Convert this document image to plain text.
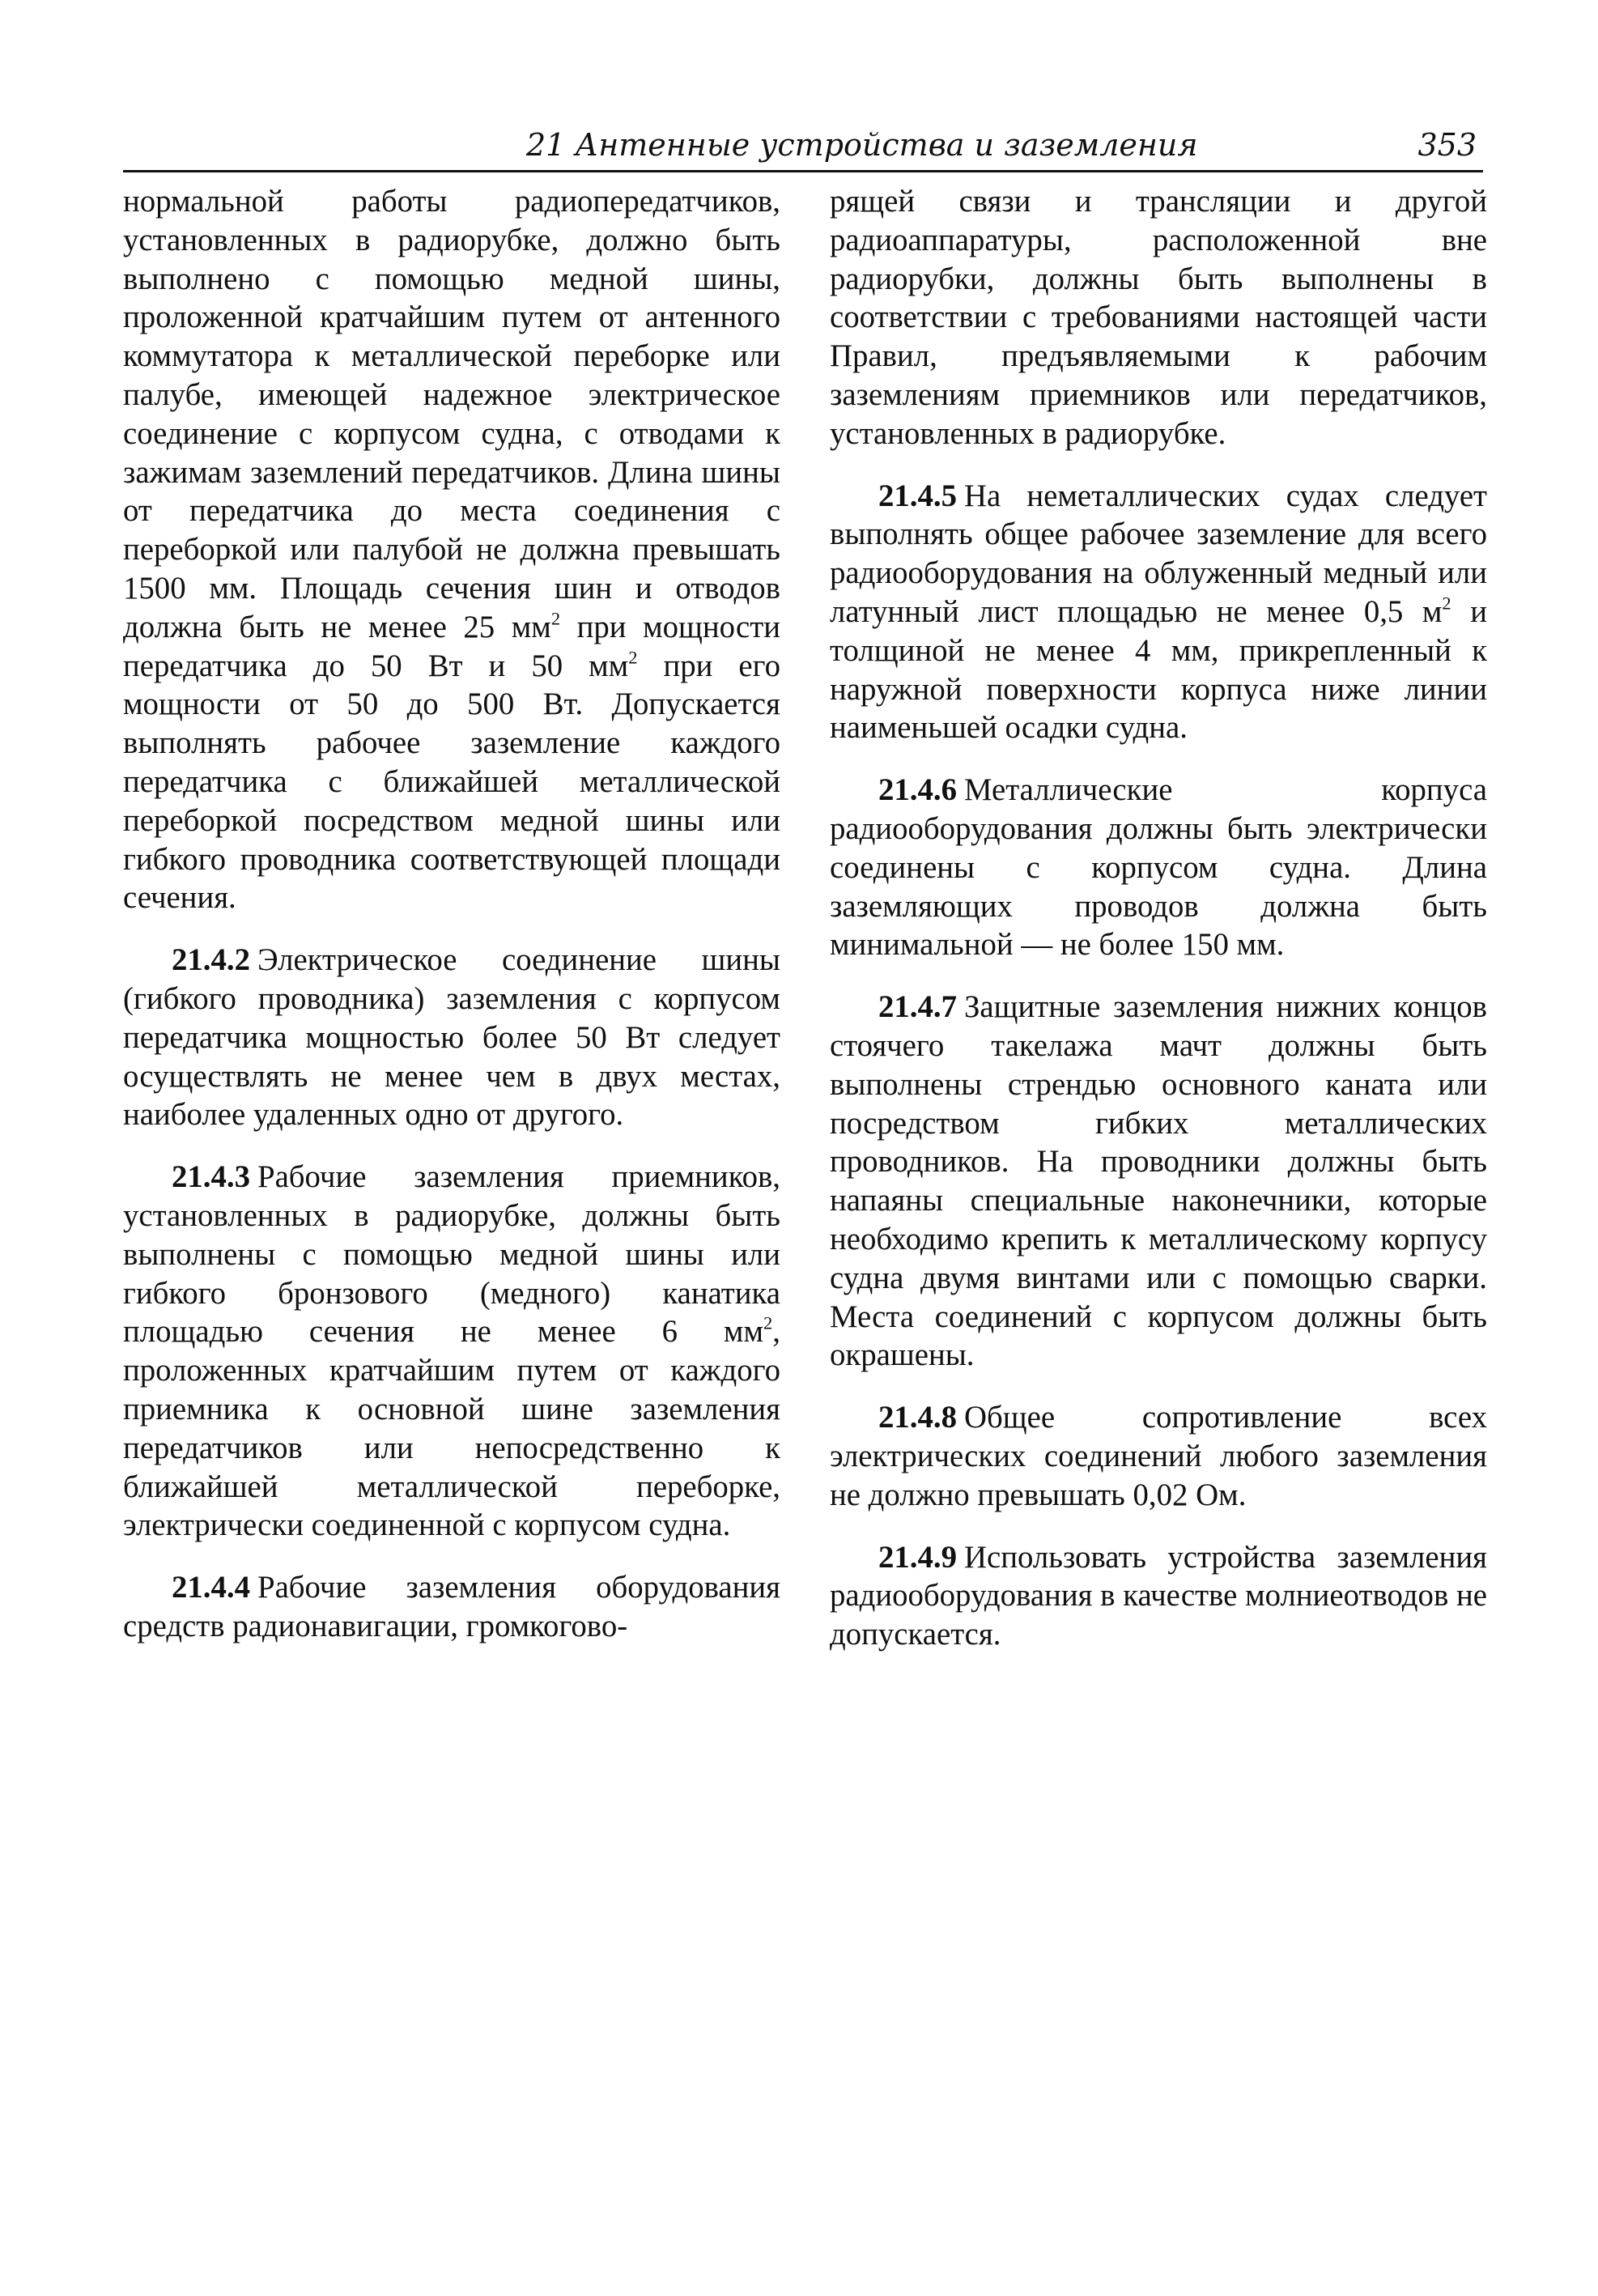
21 Антенные устройства и заземления	353

нормальной работы радиопередатчиков, установленных в радиорубке, должно быть выполнено с помощью медной шины, проложенной кратчайшим путем от антенного коммутатора к металлической переборке или палубе, имеющей надежное электрическое соединение с корпусом судна, с отводами к зажимам заземлений передатчиков. Длина шины от передатчика до места соединения с переборкой или палубой не должна превышать 1500 мм. Площадь сечения шин и отводов должна быть не менее 25 $мм^2$ при мощности передатчика до 50 Вт и 50 $мм^2$ при его мощности от 50 до 500 Вт. Допускается выполнять рабочее заземление каждого передатчика с ближайшей металлической переборкой посредством медной шины или гибкого проводника соответствующей площади сечения.

21.4.2 Электрическое соединение шины (гибкого проводника) заземления с корпусом передатчика мощностью более 50 Вт следует осуществлять не менее чем в двух местах, наиболее удаленных одно от другого.

21.4.3 Рабочие заземления приемников, установленных в радиорубке, должны быть выполнены с помощью медной шины или гибкого бронзового (медного) канатика площадью сечения не менее 6 $мм^2$, проложенных кратчайшим путем от каждого приемника к основной шине заземления передатчиков или непосредственно к ближайшей металлической переборке, электрически соединенной с корпусом судна.

21.4.4 Рабочие заземления оборудования средств радионавигации, громкогово-

рящей связи и трансляции и другой радиоаппаратуры, расположенной вне радиорубки, должны быть выполнены в соответствии с требованиями настоящей части Правил, предъявляемыми к рабочим заземлениям приемников или передатчиков, установленных в радиорубке.

21.4.5 На неметаллических судах следует выполнять общее рабочее заземление для всего радиооборудования на облуженный медный или латунный лист площадью не менее 0,5 $м^2$ и толщиной не менее 4 мм, прикрепленный к наружной поверхности корпуса ниже линии наименьшей осадки судна.

21.4.6 Металлические корпуса радиооборудования должны быть электрически соединены с корпусом судна. Длина заземляющих проводов должна быть минимальной — не более 150 мм.

21.4.7 Защитные заземления нижних концов стоячего такелажа мачт должны быть выполнены стрендью основного каната или посредством гибких металлических проводников. На проводники должны быть напаяны специальные наконечники, которые необходимо крепить к металлическому корпусу судна двумя винтами или с помощью сварки. Места соединений с корпусом должны быть окрашены.

21.4.8 Общее сопротивление всех электрических соединений любого заземления не должно превышать 0,02 Ом.

21.4.9 Использовать устройства заземления радиооборудования в качестве молниеотводов не допускается.
